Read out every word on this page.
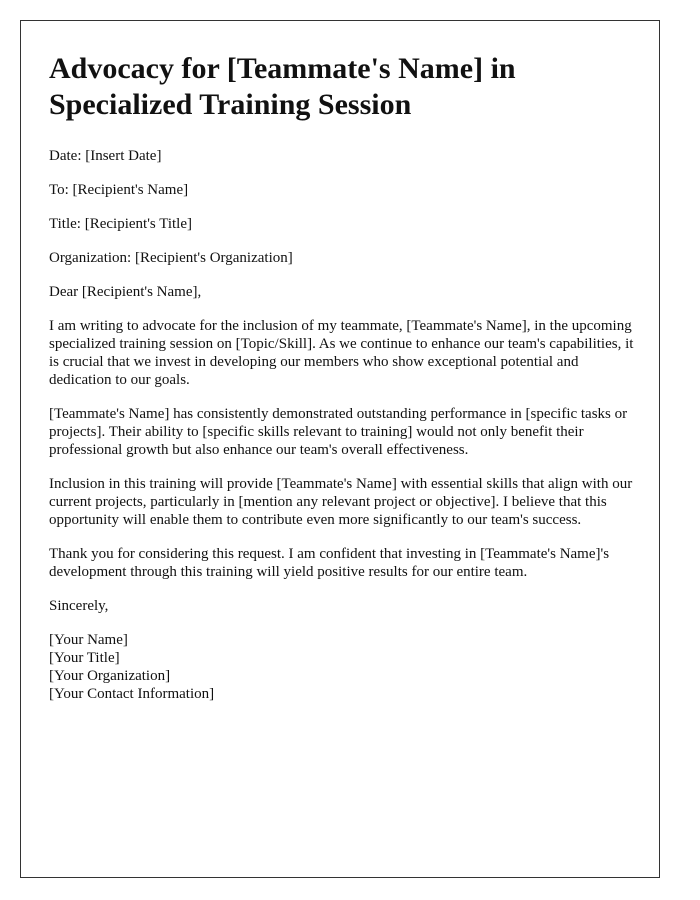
Advocacy for [Teammate's Name] in Specialized Training Session

Date: [Insert Date]

To: [Recipient's Name]

Title: [Recipient's Title]

Organization: [Recipient's Organization]

Dear [Recipient's Name],

I am writing to advocate for the inclusion of my teammate, [Teammate's Name], in the upcoming specialized training session on [Topic/Skill]. As we continue to enhance our team's capabilities, it is crucial that we invest in developing our members who show exceptional potential and dedication to our goals.

[Teammate's Name] has consistently demonstrated outstanding performance in [specific tasks or projects]. Their ability to [specific skills relevant to training] would not only benefit their professional growth but also enhance our team's overall effectiveness.

Inclusion in this training will provide [Teammate's Name] with essential skills that align with our current projects, particularly in [mention any relevant project or objective]. I believe that this opportunity will enable them to contribute even more significantly to our team's success.

Thank you for considering this request. I am confident that investing in [Teammate's Name]'s development through this training will yield positive results for our entire team.

Sincerely,

[Your Name]

[Your Title]

[Your Organization]

[Your Contact Information]
